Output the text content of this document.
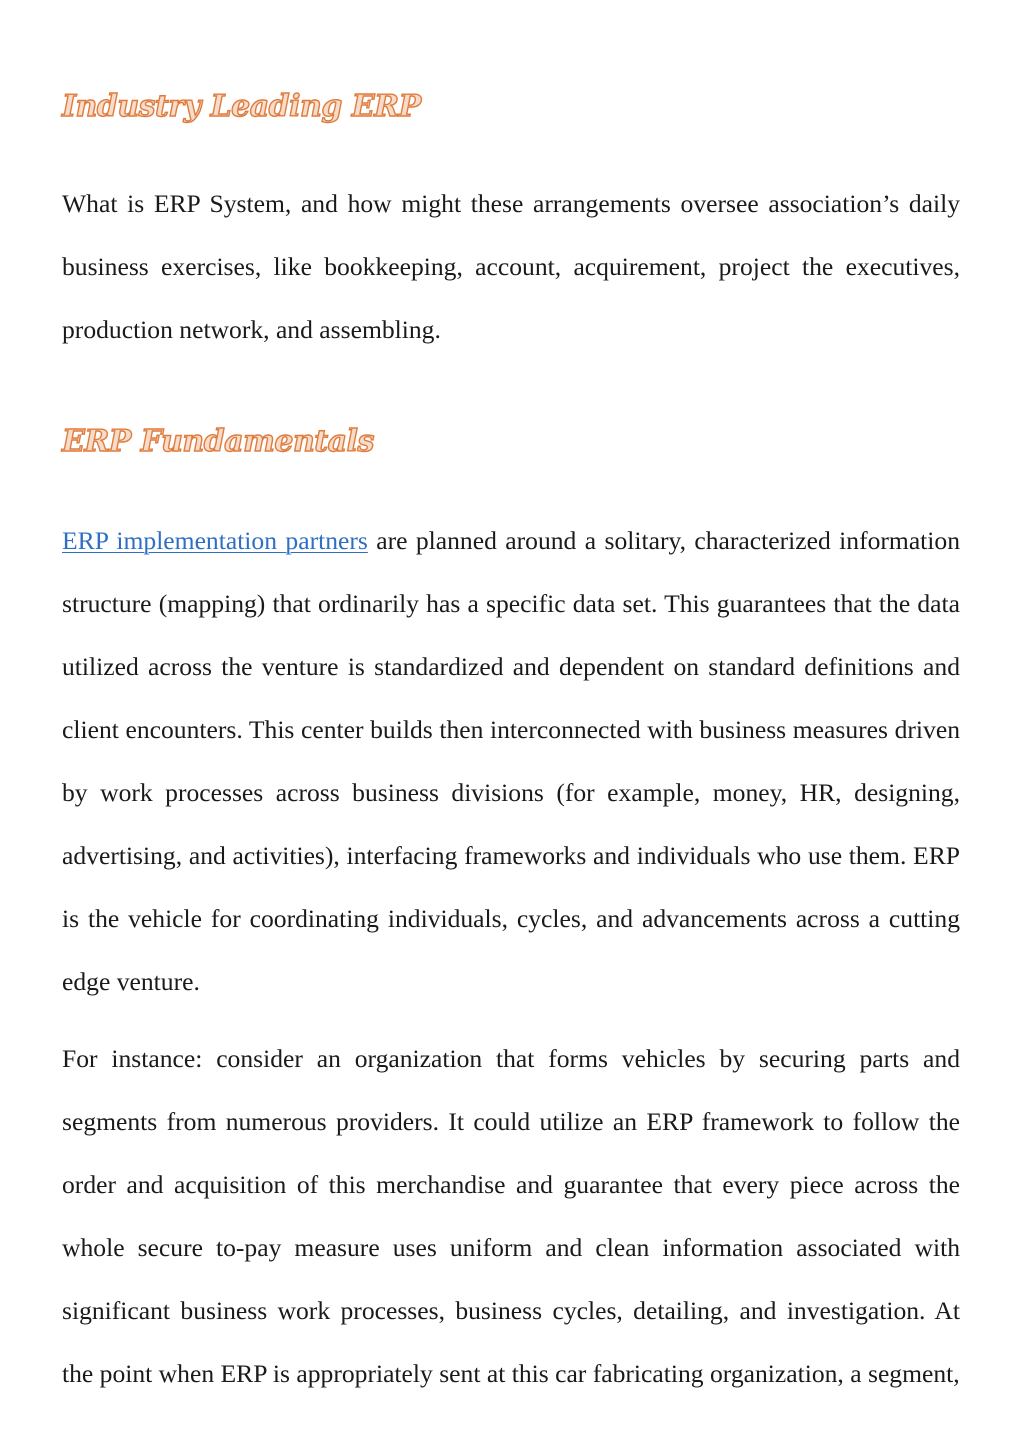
Industry Leading ERP

What is ERP System, and how might these arrangements oversee association’s daily business exercises, like bookkeeping, account, acquirement, project the executives, production network, and assembling.

ERP Fundamentals

ERP implementation partners are planned around a solitary, characterized information structure (mapping) that ordinarily has a specific data set. This guarantees that the data utilized across the venture is standardized and dependent on standard definitions and client encounters. This center builds then interconnected with business measures driven by work processes across business divisions (for example, money, HR, designing, advertising, and activities), interfacing frameworks and individuals who use them. ERP is the vehicle for coordinating individuals, cycles, and advancements across a cutting edge venture.

For instance: consider an organization that forms vehicles by securing parts and segments from numerous providers. It could utilize an ERP framework to follow the order and acquisition of this merchandise and guarantee that every piece across the whole secure to-pay measure uses uniform and clean information associated with significant business work processes, business cycles, detailing, and investigation. At the point when ERP is appropriately sent at this car fabricating organization, a segment,
